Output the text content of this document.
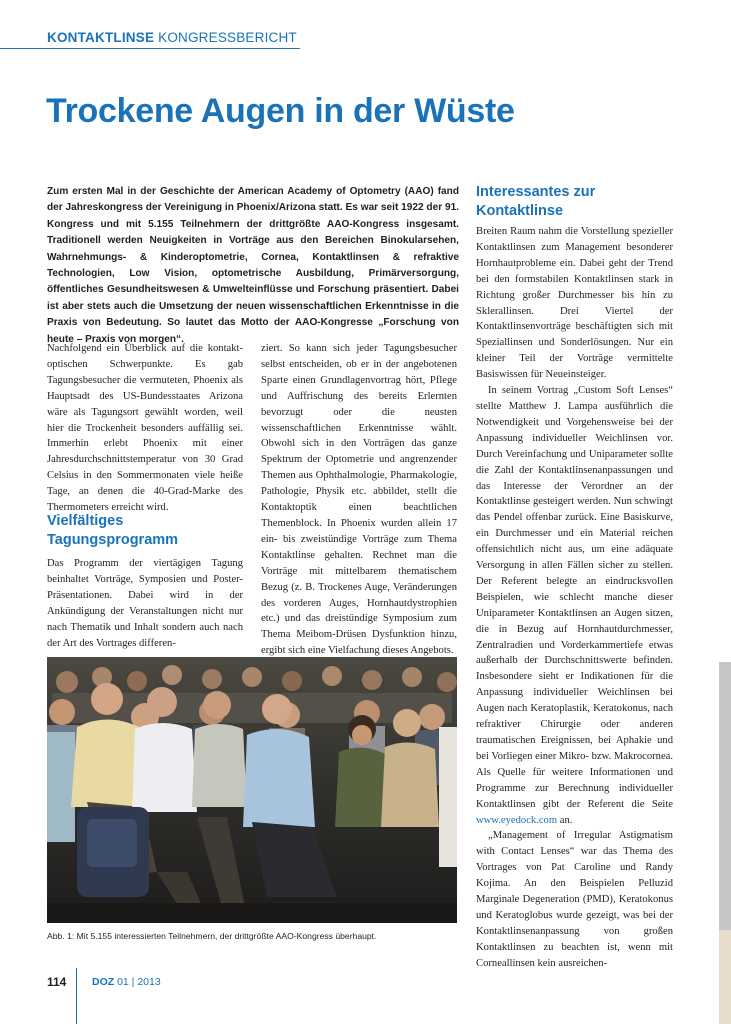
KONTAKTLINSE KONGRESSBERICHT
Trockene Augen in der Wüste
Zum ersten Mal in der Geschichte der American Academy of Optometry (AAO) fand der Jahreskongress der Vereinigung in Phoenix/Arizona statt. Es war seit 1922 der 91. Kongress und mit 5.155 Teilnehmern der drittgrößte AAO-Kongress insgesamt. Traditionell werden Neuigkeiten in Vorträge aus den Bereichen Binokularsehen, Wahrnehmungs- & Kinderoptometrie, Cornea, Kontaktlinsen & refraktive Technologien, Low Vision, optometrische Ausbildung, Primärversorgung, öffentliches Gesundheitswesen & Umwelteinflüsse und Forschung präsentiert. Dabei ist aber stets auch die Umsetzung der neuen wissenschaftlichen Erkenntnisse in die Praxis von Bedeutung. So lautet das Motto der AAO-Kongresse „Forschung von heute – Praxis von morgen“.

Nachfolgend ein Überblick auf die kontakt-optischen Schwerpunkte. Es gab Tagungsbesucher die vermuteten, Phoenix als Hauptsadt des US-Bundesstaates Arizona wäre als Tagungsort gewählt worden, weil hier die Trockenheit besonders auffällig sei. Immerhin erlebt Phoenix mit einer Jahresdurchschnittstemperatur von 30 Grad Celsius in den Sommermonaten viele heiße Tage, an denen die 40-Grad-Marke des Thermometers erreicht wird.

Vielfältiges Tagungsprogramm

Das Programm der viertägigen Tagung beinhaltet Vorträge, Symposien und Poster-Präsentationen. Dabei wird in der Ankündigung der Veranstaltungen nicht nur nach Thematik und Inhalt sondern auch nach der Art des Vortrages differen-

ziert. So kann sich jeder Tagungsbesucher selbst entscheiden, ob er in der angebotenen Sparte einen Grundlagenvortrag hört, Pflege und Auffrischung des bereits Erlernten bevorzugt oder die neusten wissenschaftlichen Erkenntnisse wählt. Obwohl sich in den Vorträgen das ganze Spektrum der Optometrie und angrenzender Themen aus Ophthalmologie, Pharmakologie, Pathologie, Physik etc. abbildet, stellt die Kontaktoptik einen beachtlichen Themenblock. In Phoenix wurden allein 17 ein- bis zweistündige Vorträge zum Thema Kontaktlinse gehalten. Rechnet man die Vorträge mit mittelbarem thematischem Bezug (z. B. Trockenes Auge, Veränderungen des vorderen Auges, Hornhautdystrophien etc.) und das dreistündige Symposium zum Thema Meibom-Drüsen Dysfunktion hinzu, ergibt sich eine Vielfachung dieses Angebots.

Interessantes zur Kontaktlinse

Breiten Raum nahm die Vorstellung spezieller Kontaktlinsen zum Management besonderer Hornhautprobleme ein. Dabei geht der Trend bei den formstabilen Kontaktlinsen stark in Richtung großer Durchmesser bis hin zu Sklerallinsen. Drei Viertel der Kontaktlinsenvorträge beschäftigten sich mit Speziallinsen und Sonderlösungen. Nur ein kleiner Teil der Vorträge vermittelte Basiswissen für Neueinsteiger.

In seinem Vortrag „Custom Soft Lenses“ stellte Matthew J. Lampa ausführlich die Notwendigkeit und Vorgehensweise bei der Anpassung individueller Weichlinsen vor. Durch Vereinfachung und Uniparameter sollte die Zahl der Kontaktlinsenanpassungen und das Interesse der Verordner an der Kontaktlinse gesteigert werden. Nun schwingt das Pendel offenbar zurück. Eine Basiskurve, ein Durchmesser und ein Material reichen offensichtlich nicht aus, um eine adäquate Versorgung in allen Fällen sicher zu stellen. Der Referent belegte an eindrucksvollen Beispielen, wie schlecht manche dieser Uniparameter Kontaktlinsen an Augen sitzen, die in Bezug auf Hornhautdurchmesser, Zentralradien und Vorderkammertiefe etwas außerhalb der Durchschnittswerte befinden. Insbesondere sieht er Indikationen für die Anpassung individueller Weichlinsen bei Augen nach Keratoplastik, Keratokonus, nach refraktiver Chirurgie oder anderen traumatischen Ereignissen, bei Aphakie und bei Vorliegen einer Mikro- bzw. Makrocornea. Als Quelle für weitere Informationen und Programme zur Berechnung individueller Kontaktlinsen gibt der Referent die Seite www.eyedock.com an.

„Management of Irregular Astigmatism with Contact Lenses“ war das Thema des Vortrages von Pat Caroline und Randy Kojima. An den Beispielen Pelluzid Marginale Degeneration (PMD), Keratokonus und Keratoglobus wurde gezeigt, was bei der Kontaktlinsenanpassung von großen Kontaktlinsen zu beachten ist, wenn mit Corneallinsen kein ausreichen-

Abb. 1: Mit 5.155 interessierten Teilnehmern, der drittgrößte AAO-Kongress überhaupt.
114 DOZ 01 | 2013
